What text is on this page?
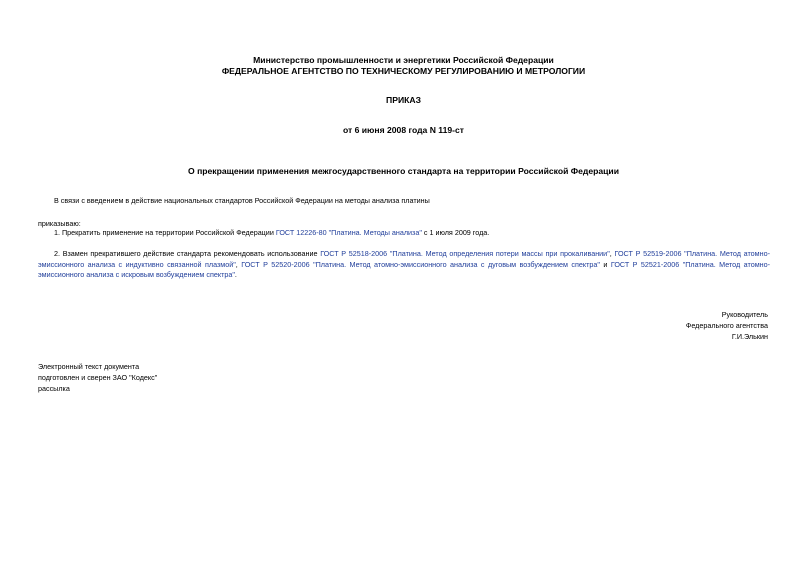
Министерство промышленности и энергетики Российской Федерации
ФЕДЕРАЛЬНОЕ АГЕНТСТВО ПО ТЕХНИЧЕСКОМУ РЕГУЛИРОВАНИЮ И МЕТРОЛОГИИ
ПРИКАЗ
от 6 июня 2008 года N 119-ст
О прекращении применения межгосударственного стандарта на территории Российской Федерации
В связи с введением в действие национальных стандартов Российской Федерации на методы анализа платины
приказываю:
1. Прекратить применение на территории Российской Федерации ГОСТ 12226-80 "Платина. Методы анализа" с 1 июля 2009 года.
2. Взамен прекратившего действие стандарта рекомендовать использование ГОСТ Р 52518-2006 "Платина. Метод определения потери массы при прокаливании", ГОСТ Р 52519-2006 "Платина. Метод атомно-эмиссионного анализа с индуктивно связанной плазмой", ГОСТ Р 52520-2006 "Платина. Метод атомно-эмиссионного анализа с дуговым возбуждением спектра" и ГОСТ Р 52521-2006 "Платина. Метод атомно-эмиссионного анализа с искровым возбуждением спектра".
Руководитель
Федерального агентства
Г.И.Элькин
Электронный текст документа
подготовлен и сверен ЗАО "Кодекс"
рассылка
